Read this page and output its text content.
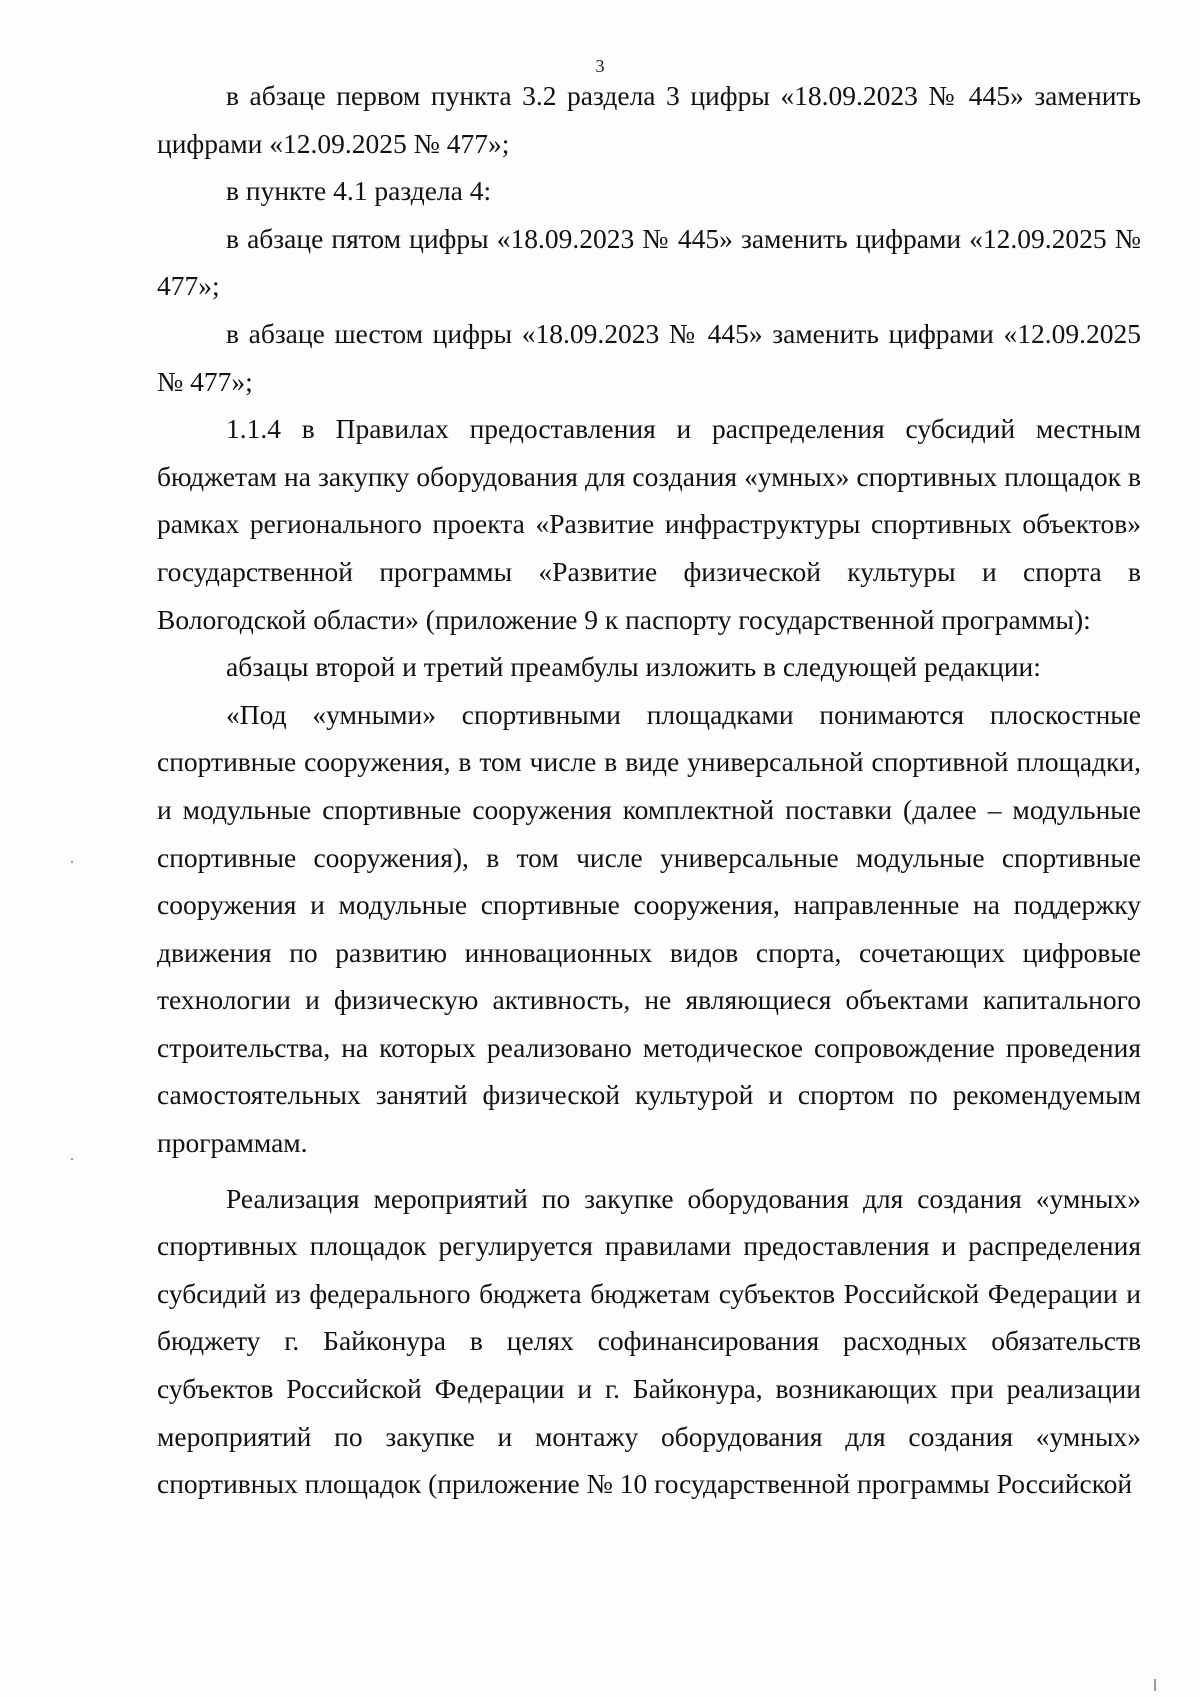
3

в абзаце первом пункта 3.2 раздела 3 цифры «18.09.2023 № 445» заменить цифрами «12.09.2025 № 477»;

в пункте 4.1 раздела 4:

в абзаце пятом цифры «18.09.2023 № 445» заменить цифрами «12.09.2025 № 477»;

в абзаце шестом цифры «18.09.2023 № 445» заменить цифрами «12.09.2025 № 477»;

1.1.4 в Правилах предоставления и распределения субсидий местным бюджетам на закупку оборудования для создания «умных» спортивных площадок в рамках регионального проекта «Развитие инфраструктуры спортивных объектов» государственной программы «Развитие физической культуры и спорта в Вологодской области» (приложение 9 к паспорту государственной программы):

абзацы второй и третий преамбулы изложить в следующей редакции:

«Под «умными» спортивными площадками понимаются плоскостные спортивные сооружения, в том числе в виде универсальной спортивной площадки, и модульные спортивные сооружения комплектной поставки (далее – модульные спортивные сооружения), в том числе универсальные модульные спортивные сооружения и модульные спортивные сооружения, направленные на поддержку движения по развитию инновационных видов спорта, сочетающих цифровые технологии и физическую активность, не являющиеся объектами капитального строительства, на которых реализовано методическое сопровождение проведения самостоятельных занятий физической культурой и спортом по рекомендуемым программам.

Реализация мероприятий по закупке оборудования для создания «умных» спортивных площадок регулируется правилами предоставления и распределения субсидий из федерального бюджета бюджетам субъектов Российской Федерации и бюджету г. Байконура в целях софинансирования расходных обязательств субъектов Российской Федерации и г. Байконура, возникающих при реализации мероприятий по закупке и монтажу оборудования для создания «умных» спортивных площадок (приложение № 10 государственной программы Российской
